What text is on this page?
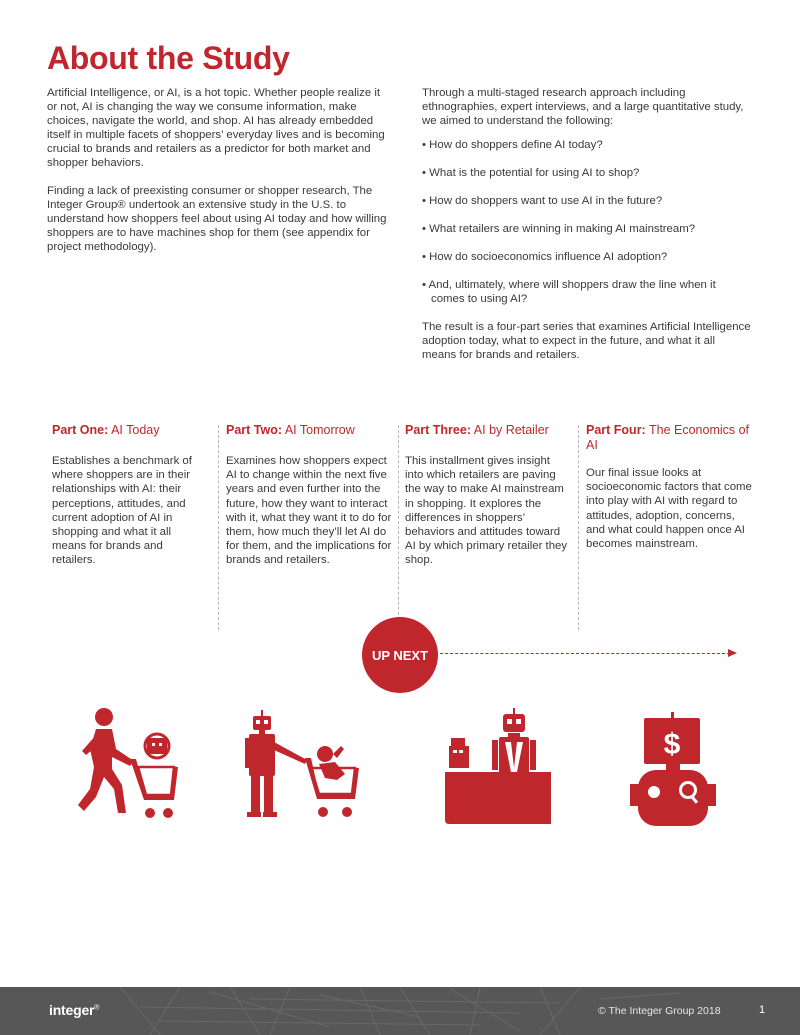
About the Study

Artificial Intelligence, or AI, is a hot topic. Whether people realize it or not, AI is changing the way we consume information, make choices, navigate the world, and shop. AI has already embedded itself in multiple facets of shoppers’ everyday lives and is becoming crucial to brands and retailers as a predictor for both market and shopper behaviors.

Finding a lack of preexisting consumer or shopper research, The Integer Group® undertook an extensive study in the U.S. to understand how shoppers feel about using AI today and how willing shoppers are to have machines shop for them (see appendix for project methodology).

Through a multi-staged research approach including ethnographies, expert interviews, and a large quantitative study, we aimed to understand the following:

• How do shoppers define AI today?
• What is the potential for using AI to shop?
• How do shoppers want to use AI in the future?
• What retailers are winning in making AI mainstream?
• How do socioeconomics influence AI adoption?
• And, ultimately, where will shoppers draw the line when it comes to using AI?

The result is a four-part series that examines Artificial Intelligence adoption today, what to expect in the future, and what it all means for brands and retailers.

Part One: AI Today

Establishes a benchmark of where shoppers are in their relationships with AI: their perceptions, attitudes, and current adoption of AI in shopping and what it all means for brands and retailers.

Part Two: AI Tomorrow

Examines how shoppers expect AI to change within the next five years and even further into the future, how they want to interact with it, what they want it to do for them, how much they’ll let AI do for them, and the implications for brands and retailers.

Part Three: AI by Retailer

This installment gives insight into which retailers are paving the way to make AI mainstream in shopping. It explores the differences in shoppers’ behaviors and attitudes toward AI by which primary retailer they shop.

Part Four: The Economics of AI

Our final issue looks at socioeconomic factors that come into play with AI with regard to attitudes, adoption, concerns, and what could happen once AI becomes mainstream.

UP NEXT
$
integer®	© The Integer Group 2018	1
